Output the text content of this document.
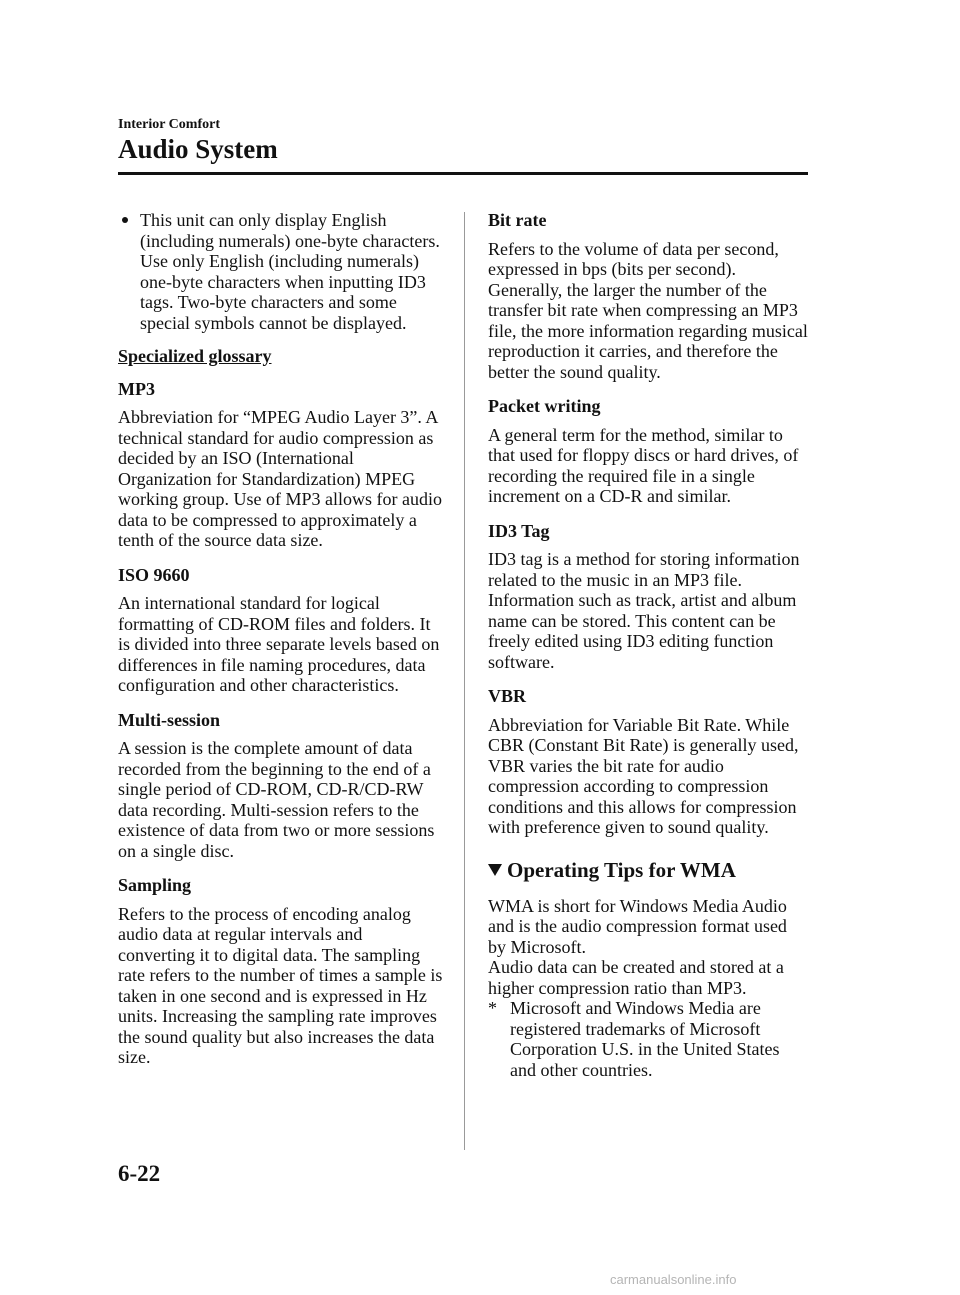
Interior Comfort
Audio System
This unit can only display English (including numerals) one-byte characters. Use only English (including numerals) one-byte characters when inputting ID3 tags. Two-byte characters and some special symbols cannot be displayed.
Specialized glossary
MP3

Abbreviation for “MPEG Audio Layer 3”. A technical standard for audio compression as decided by an ISO (International Organization for Standardization) MPEG working group. Use of MP3 allows for audio data to be compressed to approximately a tenth of the source data size.

ISO 9660

An international standard for logical formatting of CD-ROM files and folders. It is divided into three separate levels based on differences in file naming procedures, data configuration and other characteristics.

Multi-session

A session is the complete amount of data recorded from the beginning to the end of a single period of CD-ROM, CD-R/CD-RW data recording. Multi-session refers to the existence of data from two or more sessions on a single disc.

Sampling

Refers to the process of encoding analog audio data at regular intervals and converting it to digital data. The sampling rate refers to the number of times a sample is taken in one second and is expressed in Hz units. Increasing the sampling rate improves the sound quality but also increases the data size.

Bit rate

Refers to the volume of data per second, expressed in bps (bits per second). Generally, the larger the number of the transfer bit rate when compressing an MP3 file, the more information regarding musical reproduction it carries, and therefore the better the sound quality.

Packet writing

A general term for the method, similar to that used for floppy discs or hard drives, of recording the required file in a single increment on a CD-R and similar.

ID3 Tag

ID3 tag is a method for storing information related to the music in an MP3 file. Information such as track, artist and album name can be stored. This content can be freely edited using ID3 editing function software.

VBR

Abbreviation for Variable Bit Rate. While CBR (Constant Bit Rate) is generally used, VBR varies the bit rate for audio compression according to compression conditions and this allows for compression with preference given to sound quality.

Operating Tips for WMA

WMA is short for Windows Media Audio and is the audio compression format used by Microsoft.

Audio data can be created and stored at a higher compression ratio than MP3.

* Microsoft and Windows Media are registered trademarks of Microsoft Corporation U.S. in the United States and other countries.
6-22
carmanualsonline.info
